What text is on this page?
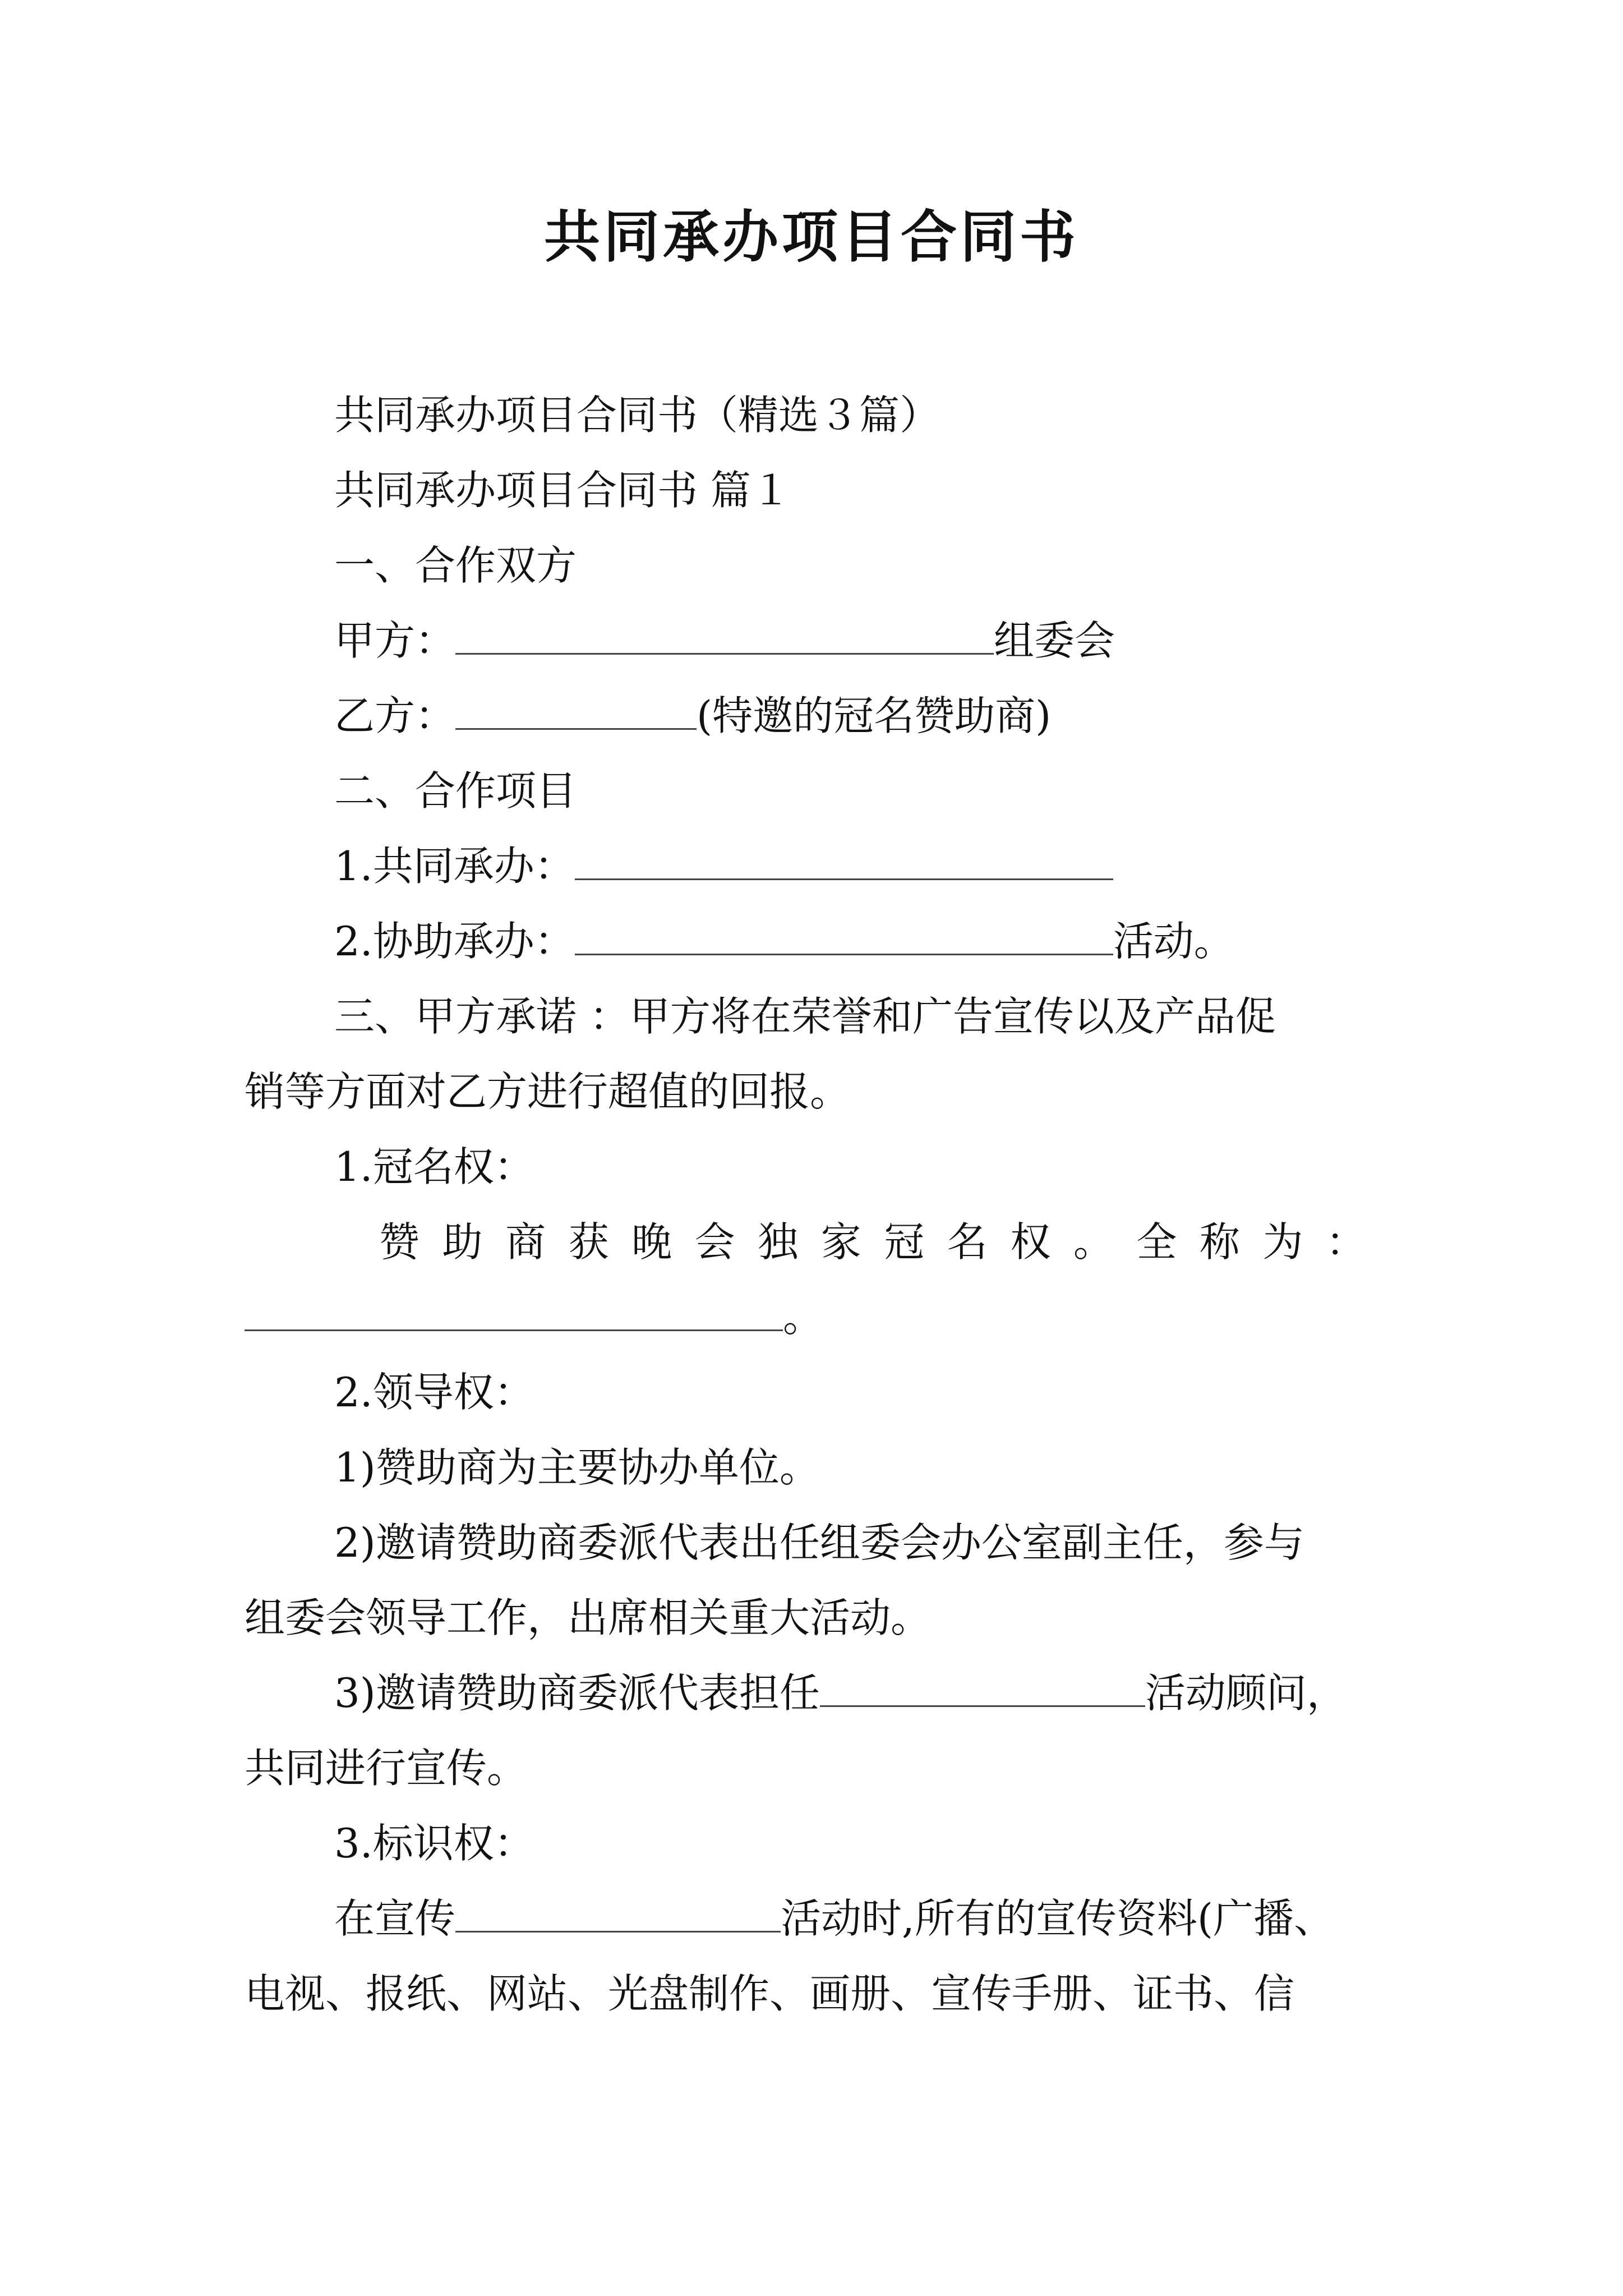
共同承办项目合同书
共同承办项目合同书（精选３篇）
共同承办项目合同书 篇１
一、合作双方
甲方：	组委会
乙方：	(特邀的冠名赞助商)
二、合作项目
1.共同承办：
2.协助承办：	活动。
三、甲方承诺 ：甲方将在荣誉和广告宣传以及产品促
销等方面对乙方进行超值的回报。
1.冠名权：
赞 助 商 获 晚 会 独 家 冠 名 权 。 全 称 为 ：
。
2.领导权：
1)赞助商为主要协办单位。
2)邀请赞助商委派代表出任组委会办公室副主任，参与
组委会领导工作，出席相关重大活动。
3)邀请赞助商委派代表担任	活动顾问，
共同进行宣传。
3.标识权：
在宣传	活动时,所有的宣传资料(广播、
电视、报纸、网站、光盘制作、画册、宣传手册、证书、信
